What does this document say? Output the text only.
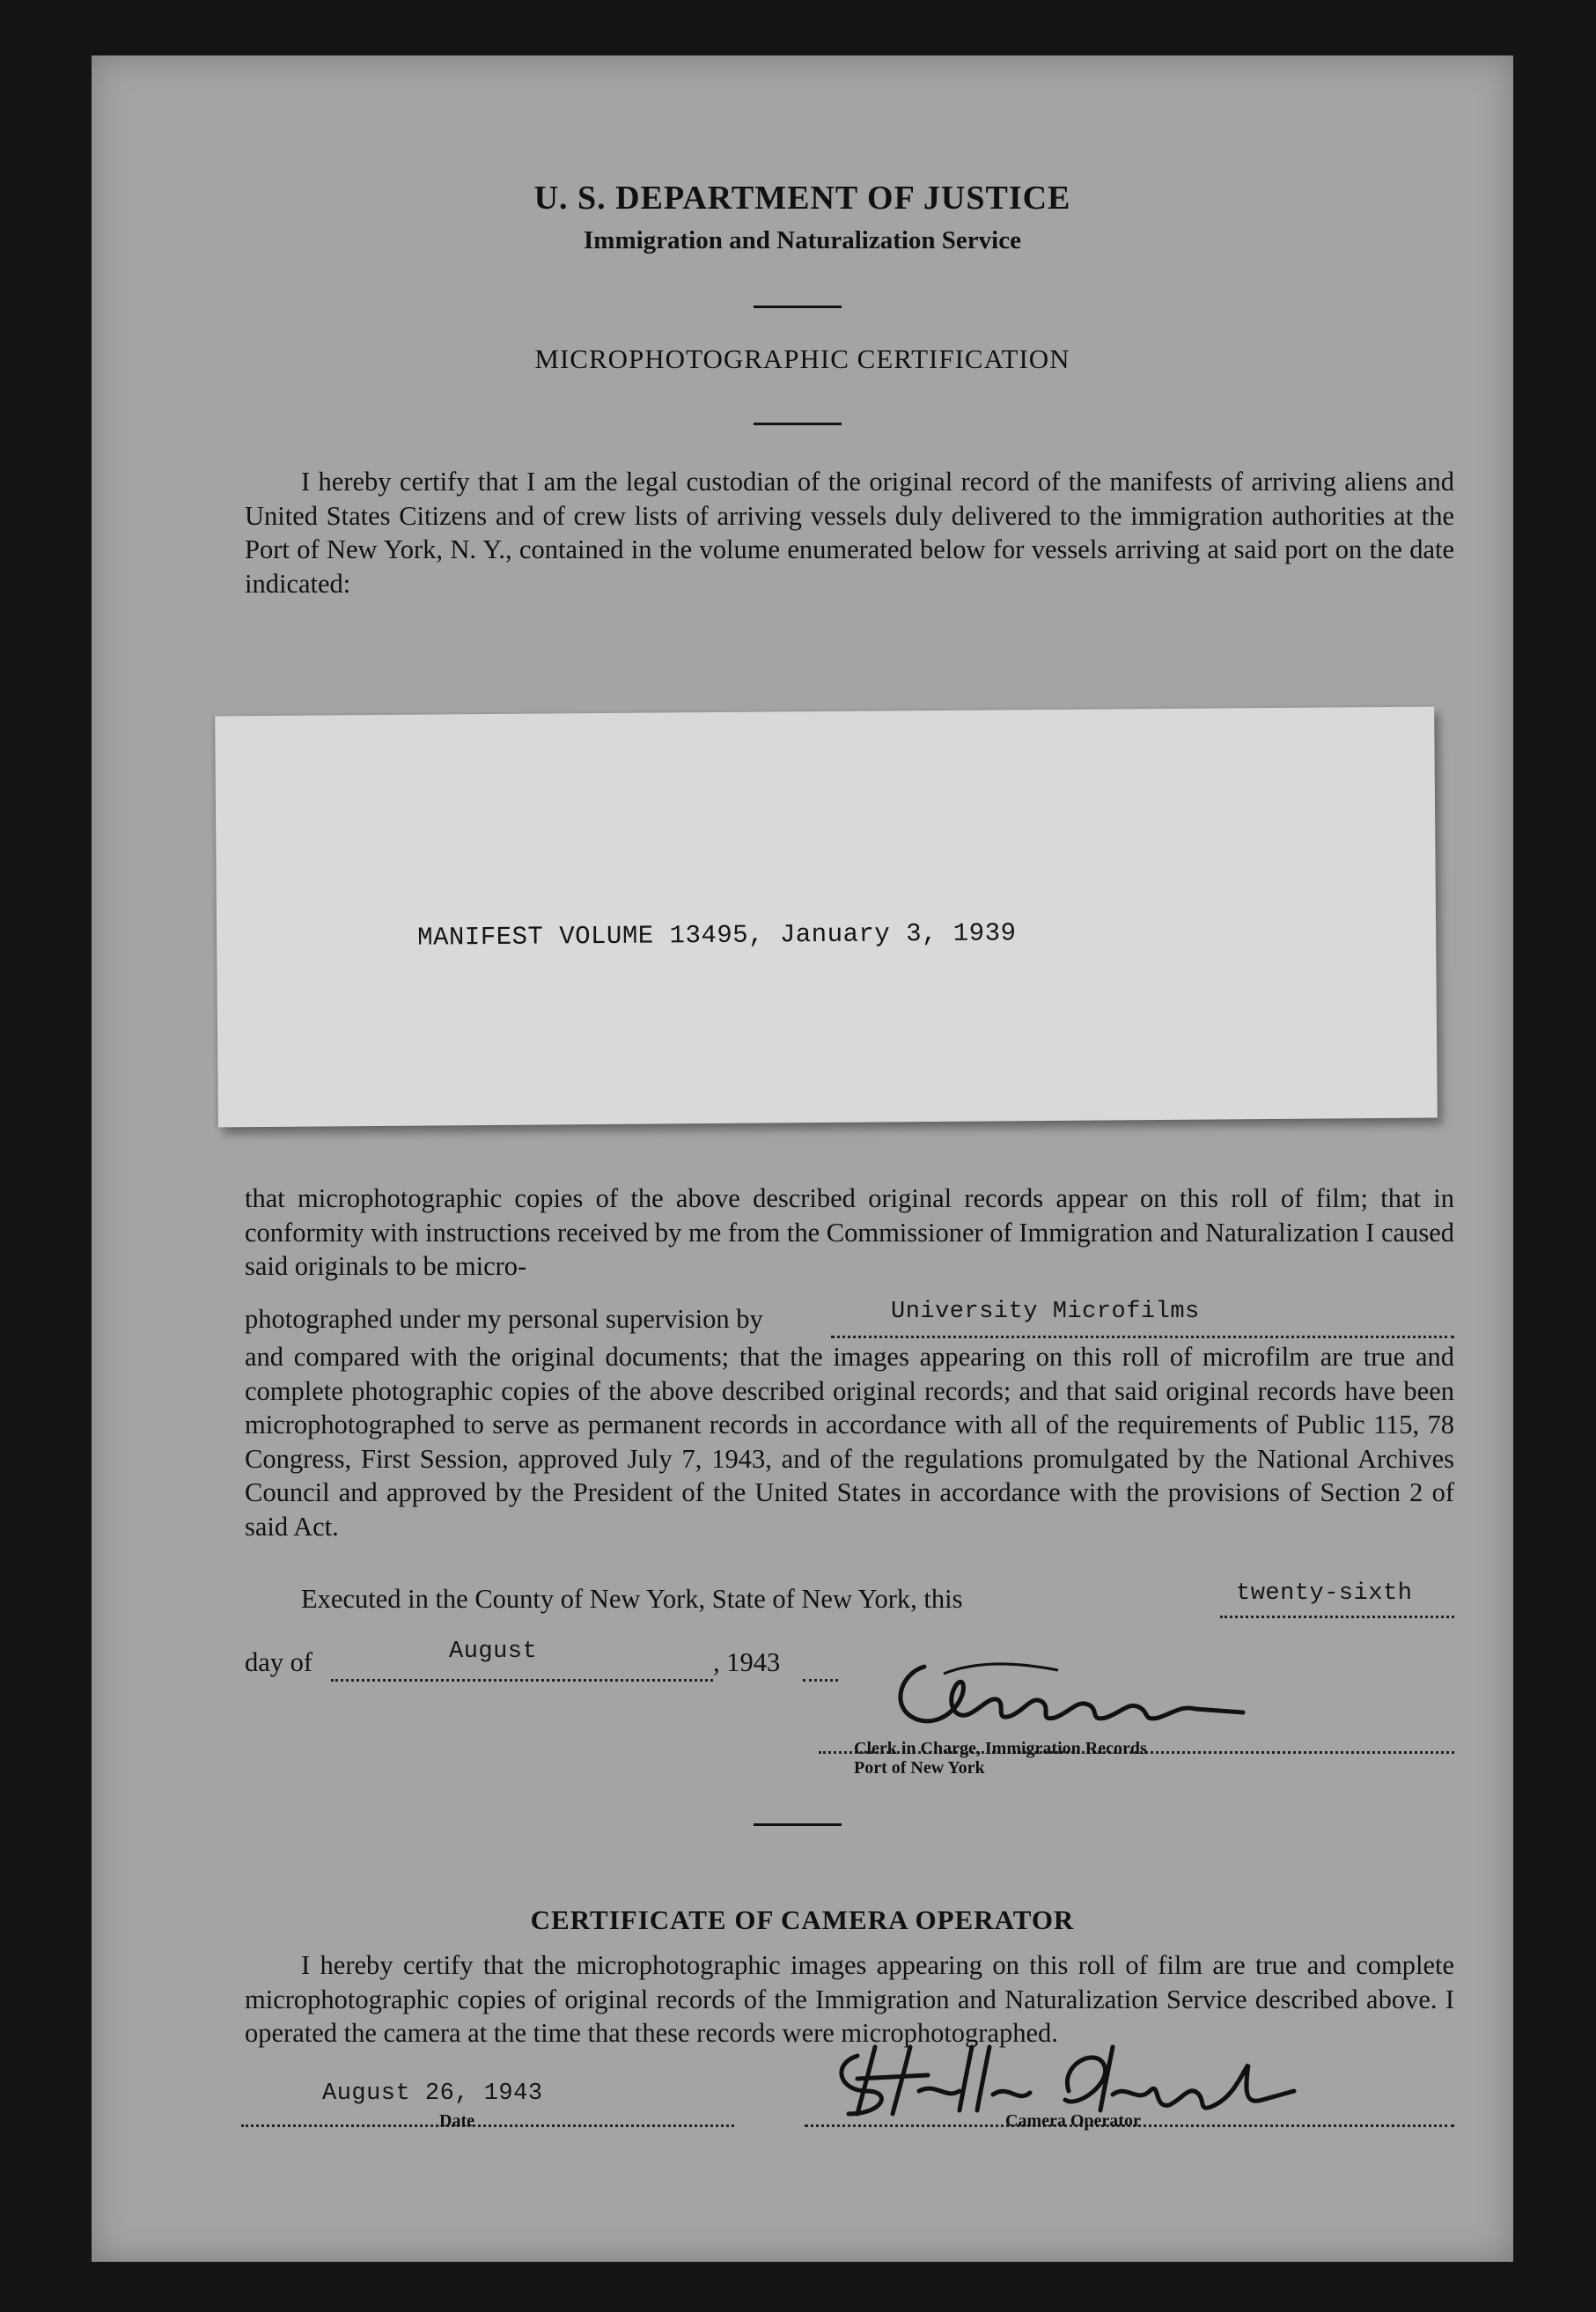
U. S. DEPARTMENT OF JUSTICE
Immigration and Naturalization Service
MICROPHOTOGRAPHIC CERTIFICATION
I hereby certify that I am the legal custodian of the original record of the manifests of arriving aliens and United States Citizens and of crew lists of arriving vessels duly delivered to the immigration authorities at the Port of New York, N. Y., contained in the volume enumerated below for vessels arriving at said port on the date indicated:
MANIFEST VOLUME 13495, January 3, 1939
that microphotographic copies of the above described original records appear on this roll of film; that in conformity with instructions received by me from the Commissioner of Immigration and Naturalization I caused said originals to be micro-
photographed under my personal supervision by	University Microfilms
and compared with the original documents; that the images appearing on this roll of microfilm are true and complete photographic copies of the above described original records; and that said original records have been microphotographed to serve as permanent records in accordance with all of the requirements of Public 115, 78 Congress, First Session, approved July 7, 1943, and of the regulations promulgated by the National Archives Council and approved by the President of the United States in accordance with the provisions of Section 2 of said Act.
Executed in the County of New York, State of New York, this	twenty-sixth
day of	August	, 1943
Clerk in Charge, Immigration Records
Port of New York
CERTIFICATE OF CAMERA OPERATOR
I hereby certify that the microphotographic images appearing on this roll of film are true and complete microphotographic copies of original records of the Immigration and Naturalization Service described above. I operated the camera at the time that these records were microphotographed.
August 26, 1943
Date	Camera Operator
